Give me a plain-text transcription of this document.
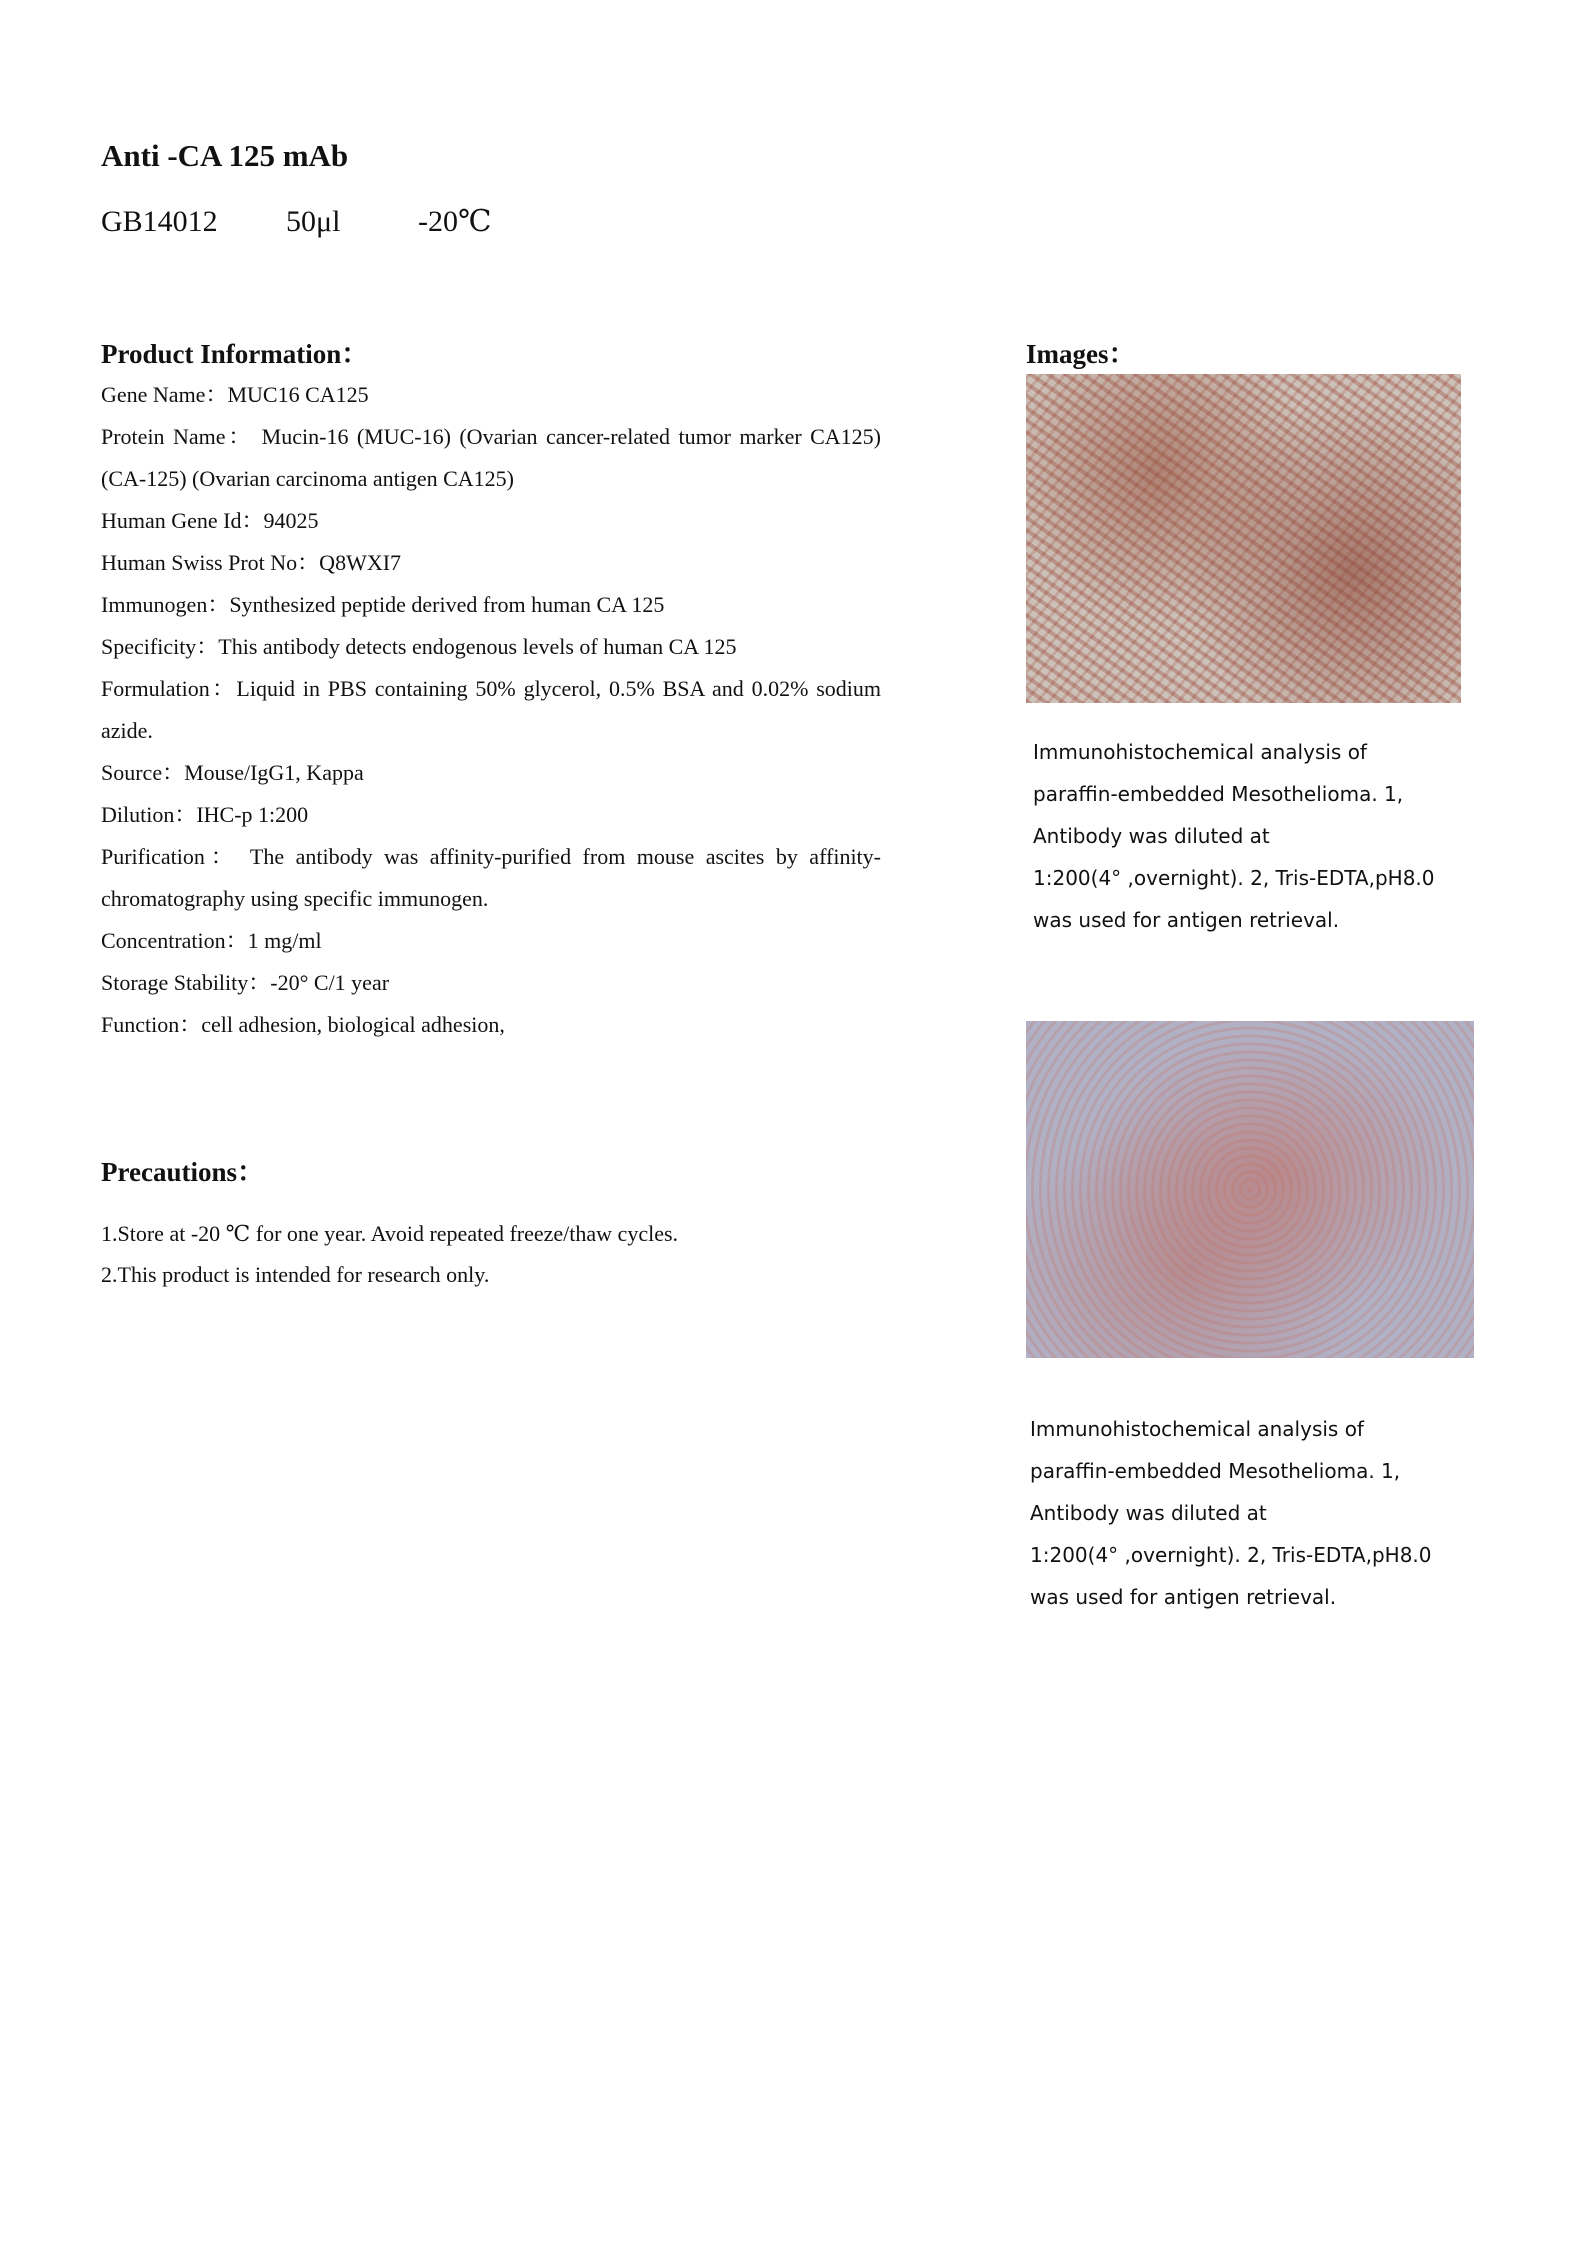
Anti -CA 125 mAb
GB14012 50μl	-20℃
Product Information：
Gene Name：MUC16 CA125
Protein Name： Mucin-16 (MUC-16) (Ovarian cancer-related tumor marker CA125) (CA-125) (Ovarian carcinoma antigen CA125)
Human Gene Id：94025
Human Swiss Prot No：Q8WXI7
Immunogen：Synthesized peptide derived from human CA 125
Specificity：This antibody detects endogenous levels of human CA 125
Formulation：Liquid in PBS containing 50% glycerol, 0.5% BSA and 0.02% sodium azide.
Source：Mouse/IgG1, Kappa
Dilution：IHC-p 1:200
Purification： The antibody was affinity-purified from mouse ascites by affinity-chromatography using specific immunogen.
Concentration：1 mg/ml
Storage Stability：-20° C/1 year
Function：cell adhesion, biological adhesion,
Precautions：
1.Store at -20 ℃ for one year. Avoid repeated freeze/thaw cycles.
2.This product is intended for research only.
Images：
Immunohistochemical analysis of
paraffin-embedded Mesothelioma. 1,
Antibody was diluted at
1:200(4° ,overnight). 2, Tris-EDTA,pH8.0
was used for antigen retrieval.
Immunohistochemical analysis of
paraffin-embedded Mesothelioma. 1,
Antibody was diluted at
1:200(4° ,overnight). 2, Tris-EDTA,pH8.0
was used for antigen retrieval.
